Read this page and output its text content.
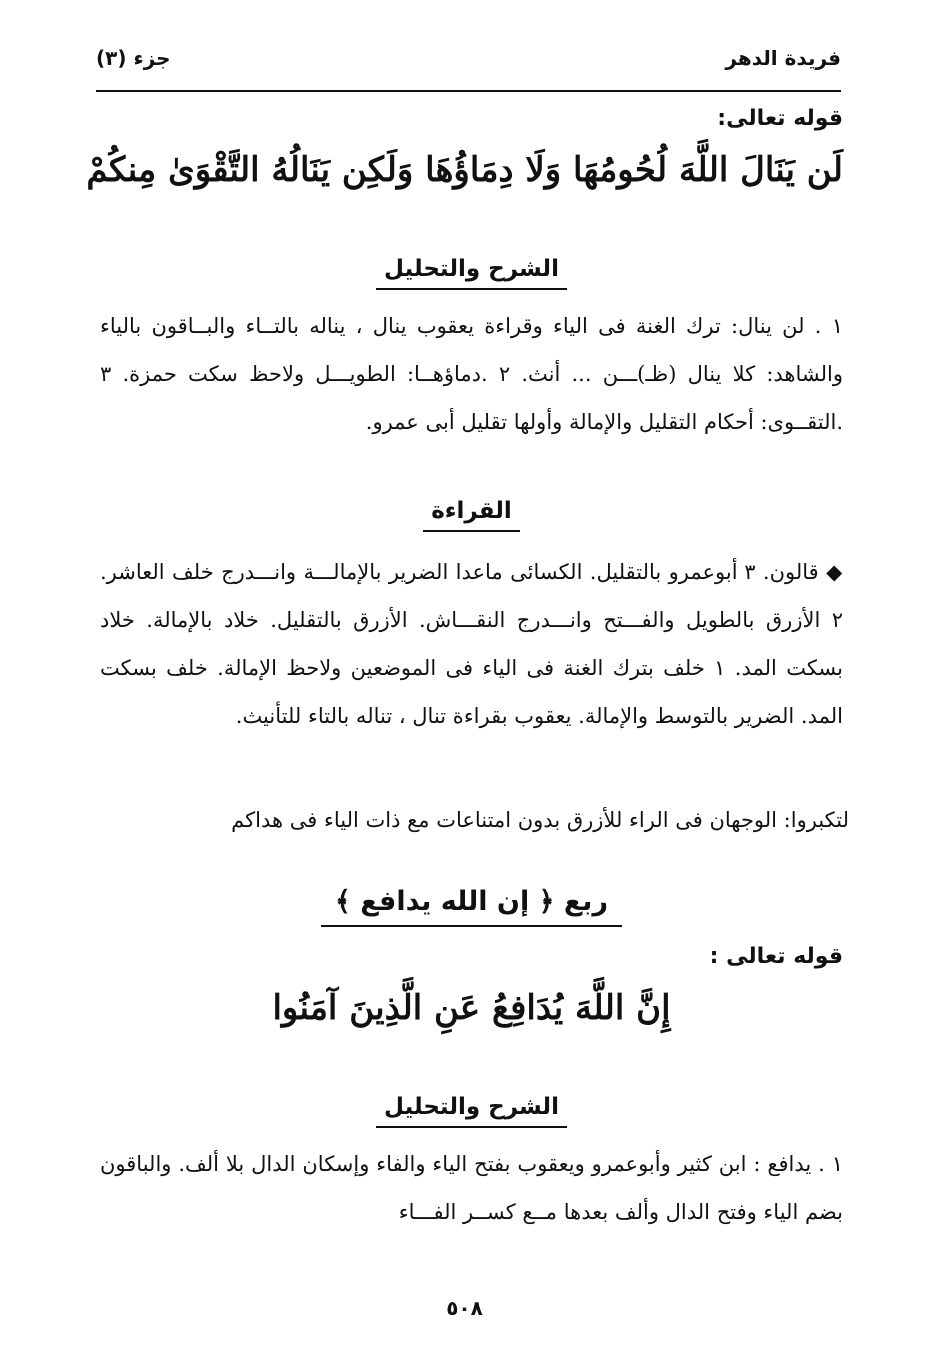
فريدة الدهر
جزء (٣)
قوله تعالى:
لَن يَنَالَ اللَّهَ لُحُومُهَا وَلَا دِمَاؤُهَا وَلَكِن يَنَالُهُ التَّقْوَىٰ مِنكُمْ
الشرح والتحليل
١ . لن ينال: ترك الغنة فى الياء وقراءة يعقوب ينال ، يناله بالتــاء والبــاقون بالياء والشاهد: كلا ينال (ظـ)ـــن ... أنث. ٢ .دماؤهــا: الطويـــل ولاحظ سكت حمزة. ٣ .التقــوى: أحكام التقليل والإمالة وأولها تقليل أبى عمرو.
القراءة
◆ قالون. ٣ أبوعمرو بالتقليل. الكسائى ماعدا الضرير بالإمالـــة وانـــدرج خلف العاشر. ٢ الأزرق بالطويل والفـــتح وانـــدرج النقـــاش. الأزرق بالتقليل. خلاد بالإمالة. خلاد بسكت المد. ١ خلف بترك الغنة فى الياء فى الموضعين ولاحظ الإمالة. خلف بسكت المد. الضرير بالتوسط والإمالة. يعقوب بقراءة تنال ، تناله بالتاء للتأنيث.
لتكبروا: الوجهان فى الراء للأزرق بدون امتناعات مع ذات الياء فى هداكم
ربع ﴿ إن الله يدافع ﴾
قوله تعالى :
إِنَّ اللَّهَ يُدَافِعُ عَنِ الَّذِينَ آمَنُوا
الشرح والتحليل
١ . يدافع : ابن كثير وأبوعمرو ويعقوب بفتح الياء والفاء وإسكان الدال بلا ألف. والباقون بضم الياء وفتح الدال وألف بعدها مــع كســر الفـــاء
٥٠٨
